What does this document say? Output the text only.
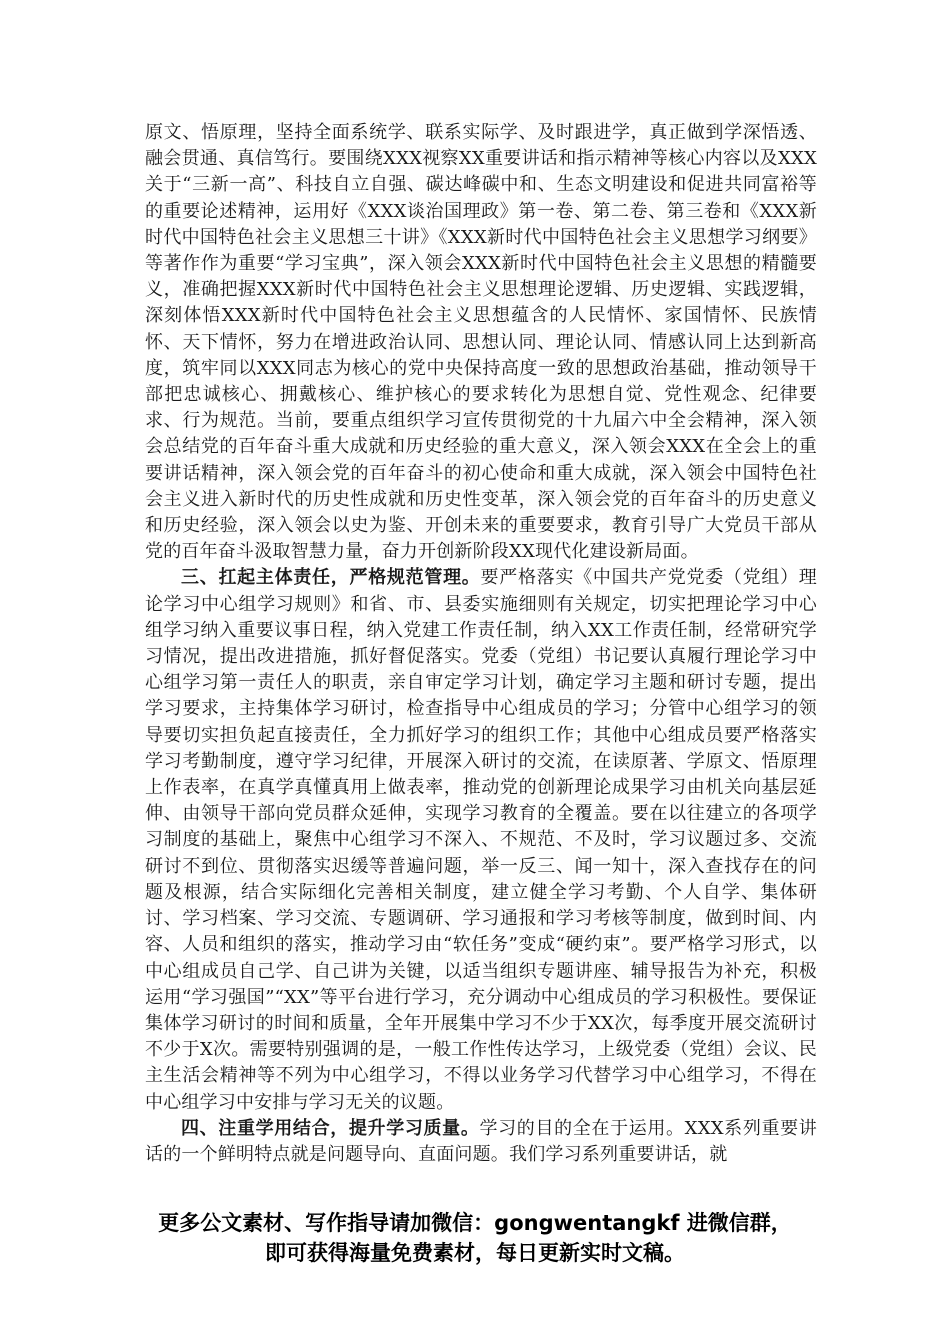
原文、悟原理，坚持全面系统学、联系实际学、及时跟进学，真正做到学深悟透、融会贯通、真信笃行。要围绕XXX视察XX重要讲话和指示精神等核心内容以及XXX关于“三新一高”、科技自立自强、碳达峰碳中和、生态文明建设和促进共同富裕等的重要论述精神，运用好《XXX谈治国理政》第一卷、第二卷、第三卷和《XXX新时代中国特色社会主义思想三十讲》《XXX新时代中国特色社会主义思想学习纲要》等著作作为重要“学习宝典”，深入领会XXX新时代中国特色社会主义思想的精髓要义，准确把握XXX新时代中国特色社会主义思想理论逻辑、历史逻辑、实践逻辑，深刻体悟XXX新时代中国特色社会主义思想蕴含的人民情怀、家国情怀、民族情怀、天下情怀，努力在增进政治认同、思想认同、理论认同、情感认同上达到新高度，筑牢同以XXX同志为核心的党中央保持高度一致的思想政治基础，推动领导干部把忠诚核心、拥戴核心、维护核心的要求转化为思想自觉、党性观念、纪律要求、行为规范。当前，要重点组织学习宣传贯彻党的十九届六中全会精神，深入领会总结党的百年奋斗重大成就和历史经验的重大意义，深入领会XXX在全会上的重要讲话精神，深入领会党的百年奋斗的初心使命和重大成就，深入领会中国特色社会主义进入新时代的历史性成就和历史性变革，深入领会党的百年奋斗的历史意义和历史经验，深入领会以史为鉴、开创未来的重要要求，教育引导广大党员干部从党的百年奋斗汲取智慧力量，奋力开创新阶段XX现代化建设新局面。

三、扛起主体责任，严格规范管理。要严格落实《中国共产党党委（党组）理论学习中心组学习规则》和省、市、县委实施细则有关规定，切实把理论学习中心组学习纳入重要议事日程，纳入党建工作责任制，纳入XX工作责任制，经常研究学习情况，提出改进措施，抓好督促落实。党委（党组）书记要认真履行理论学习中心组学习第一责任人的职责，亲自审定学习计划，确定学习主题和研讨专题，提出学习要求，主持集体学习研讨，检查指导中心组成员的学习；分管中心组学习的领导要切实担负起直接责任，全力抓好学习的组织工作；其他中心组成员要严格落实学习考勤制度，遵守学习纪律，开展深入研讨的交流，在读原著、学原文、悟原理上作表率，在真学真懂真用上做表率，推动党的创新理论成果学习由机关向基层延伸、由领导干部向党员群众延伸，实现学习教育的全覆盖。要在以往建立的各项学习制度的基础上，聚焦中心组学习不深入、不规范、不及时，学习议题过多、交流研讨不到位、贯彻落实迟缓等普遍问题，举一反三、闻一知十，深入查找存在的问题及根源，结合实际细化完善相关制度，建立健全学习考勤、个人自学、集体研讨、学习档案、学习交流、专题调研、学习通报和学习考核等制度，做到时间、内容、人员和组织的落实，推动学习由“软任务”变成“硬约束”。要严格学习形式，以中心组成员自己学、自己讲为关键，以适当组织专题讲座、辅导报告为补充，积极运用“学习强国”“XX”等平台进行学习，充分调动中心组成员的学习积极性。要保证集体学习研讨的时间和质量，全年开展集中学习不少于XX次，每季度开展交流研讨不少于X次。需要特别强调的是，一般工作性传达学习，上级党委（党组）会议、民主生活会精神等不列为中心组学习，不得以业务学习代替学习中心组学习，不得在中心组学习中安排与学习无关的议题。

四、注重学用结合，提升学习质量。学习的目的全在于运用。XXX系列重要讲话的一个鲜明特点就是问题导向、直面问题。我们学习系列重要讲话，就

更多公文素材、写作指导请加微信：gongwentangkf 进微信群，
即可获得海量免费素材，每日更新实时文稿。
